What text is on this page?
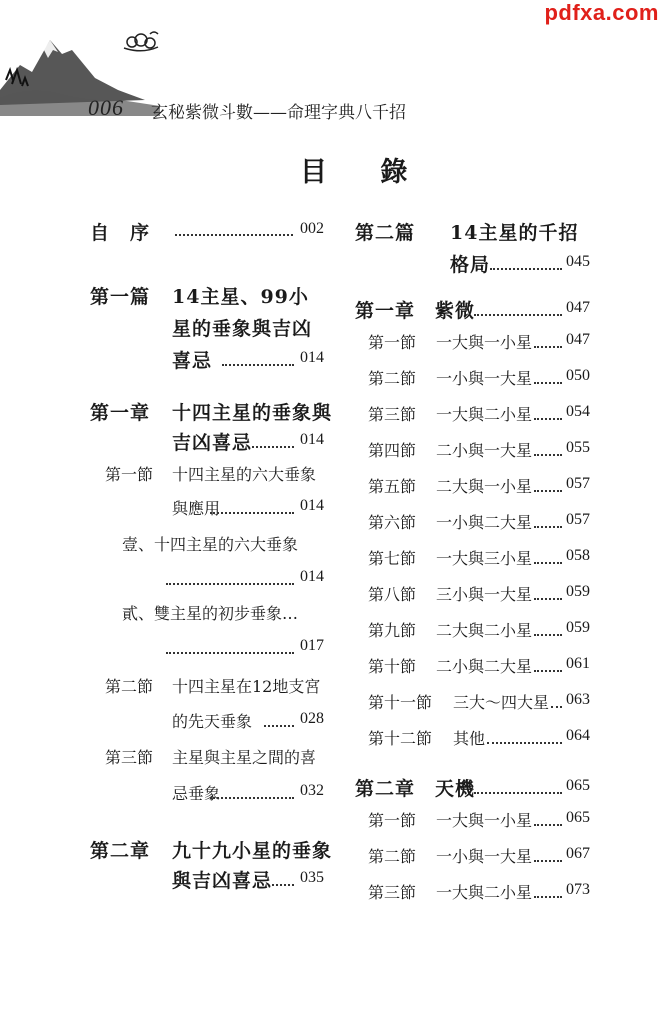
pdfxa.com
006 玄秘紫微斗數——命理字典八千招
目 錄
自　序	002
第一篇 14主星、99小
星的垂象與吉凶
喜忌	014
第一章 十四主星的垂象與
吉凶喜忌	014
第一節 十四主星的六大垂象
與應用	014
壹、十四主星的六大垂象
014
貳、雙主星的初步垂象…
017
第二節 十四主星在12地支宮
的先天垂象	028
第三節 主星與主星之間的喜
忌垂象	032
第二章 九十九小星的垂象
與吉凶喜忌 035
第二篇 14主星的千招
格局	045
第一章 紫微	047
第一節 一大與一小星 047
第二節 一小與一大星 050
第三節 一大與二小星 054
第四節 二小與一大星 055
第五節 二大與一小星 057
第六節 一小與二大星 057
第七節 一大與三小星 058
第八節 三小與一大星 059
第九節 二大與二小星 059
第十節 二小與二大星 061
第十一節 三大～四大星 063
第十二節 其他	064
第二章 天機	065
第一節 一大與一小星 065
第二節 一小與一大星 067
第三節 一大與二小星 073
